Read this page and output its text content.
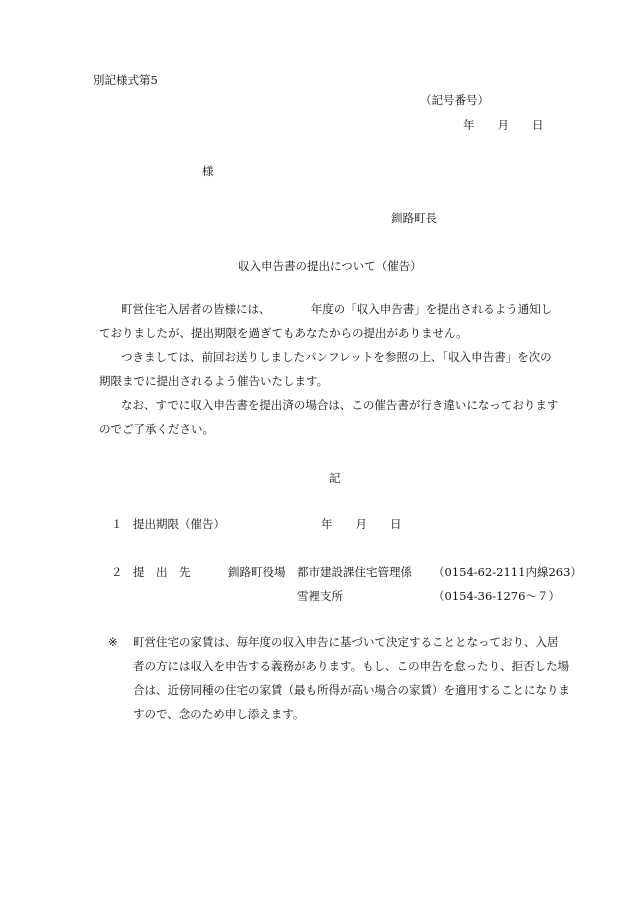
別記様式第5
（記号番号）
年　　月　　日
様
釧路町長
収入申告書の提出について（催告）
町営住宅入居者の皆様には、　　　　年度の「収入申告書」を提出されるよう通知し
ておりましたが、提出期限を過ぎてもあなたからの提出がありません。
つきましては、前回お送りしましたパンフレットを参照の上、「収入申告書」を次の
期限までに提出されるよう催告いたします。
なお、すでに収入申告書を提出済の場合は、この催告書が行き違いになっております
のでご了承ください。
記
１ 提出期限（催告）	年　　月　　日
２ 提　出　先	釧路町役場 都市建設課住宅管理係 （0154-62-2111内線263）
雪裡支所	（0154-36-1276～７）
※ 町営住宅の家賃は、毎年度の収入申告に基づいて決定することとなっており、入居
者の方には収入を申告する義務があります。もし、この申告を怠ったり、拒否した場
合は、近傍同種の住宅の家賃（最も所得が高い場合の家賃）を適用することになりま
すので、念のため申し添えます。
